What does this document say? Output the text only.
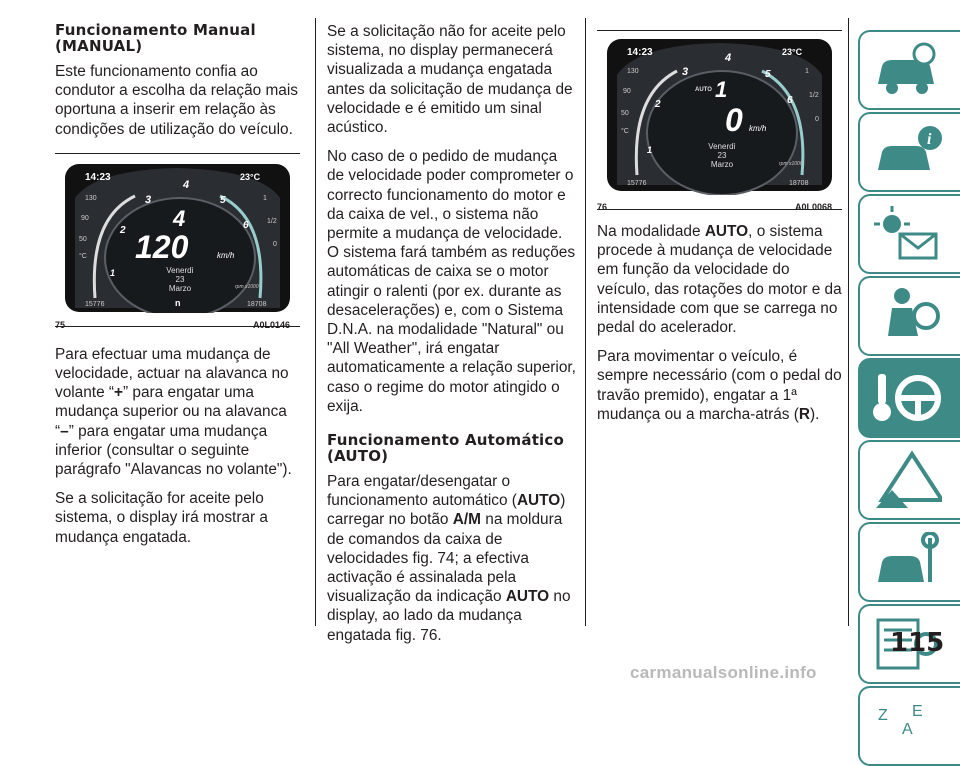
Funcionamento Manual (MANUAL)

Este funcionamento confia ao condutor a escolha da relação mais oportuna a inserir em relação às condições de utilização do veículo.

14:23	23°C
130
90
50
°C
1
1/2
0
1
2
3
4
5
6
4
120	km/h
Venerdì
23
Marzo	rpm x1000
n
15776	18708
75	A0L0146

Para efectuar uma mudança de velocidade, actuar na alavanca no volante “+” para engatar uma mudança superior ou na alavanca “–” para engatar uma mudança inferior (consultar o seguinte parágrafo "Alavancas no volante").

Se a solicitação for aceite pelo sistema, o display irá mostrar a mudança engatada.

Se a solicitação não for aceite pelo sistema, no display permanecerá visualizada a mudança engatada antes da solicitação de mudança de velocidade e é emitido um sinal acústico.

No caso de o pedido de mudança de velocidade poder comprometer o correcto funcionamento do motor e da caixa de vel., o sistema não permite a mudança de velocidade. O sistema fará também as reduções automáticas de caixa se o motor atingir o ralenti (por ex. durante as desacelerações) e, com o Sistema D.N.A. na modalidade "Natural" ou "All Weather", irá engatar automaticamente a relação superior, caso o regime do motor atingido o exija.

Funcionamento Automático (AUTO)

Para engatar/desengatar o funcionamento automático (AUTO) carregar no botão A/M na moldura de comandos da caixa de velocidades fig. 74; a efectiva activação é assinalada pela visualização da indicação AUTO no display, ao lado da mudança engatada fig. 76.

14:23	23°C
130
90
50
°C
1
1/2
0
1
2
3
4
5
6
AUTO 1
0 km/h
Venerdì
23
Marzo	rpm x1000
15776	18708
76	A0L0068

Na modalidade AUTO, o sistema procede à mudança de velocidade em função da velocidade do veículo, das rotações do motor e da intensidade com que se carrega no pedal do acelerador.

Para movimentar o veículo, é sempre necessário (com o pedal do travão premido), engatar a 1ª mudança ou a marcha-atrás (R).

i
Z E
A
115
carmanualsonline.info
